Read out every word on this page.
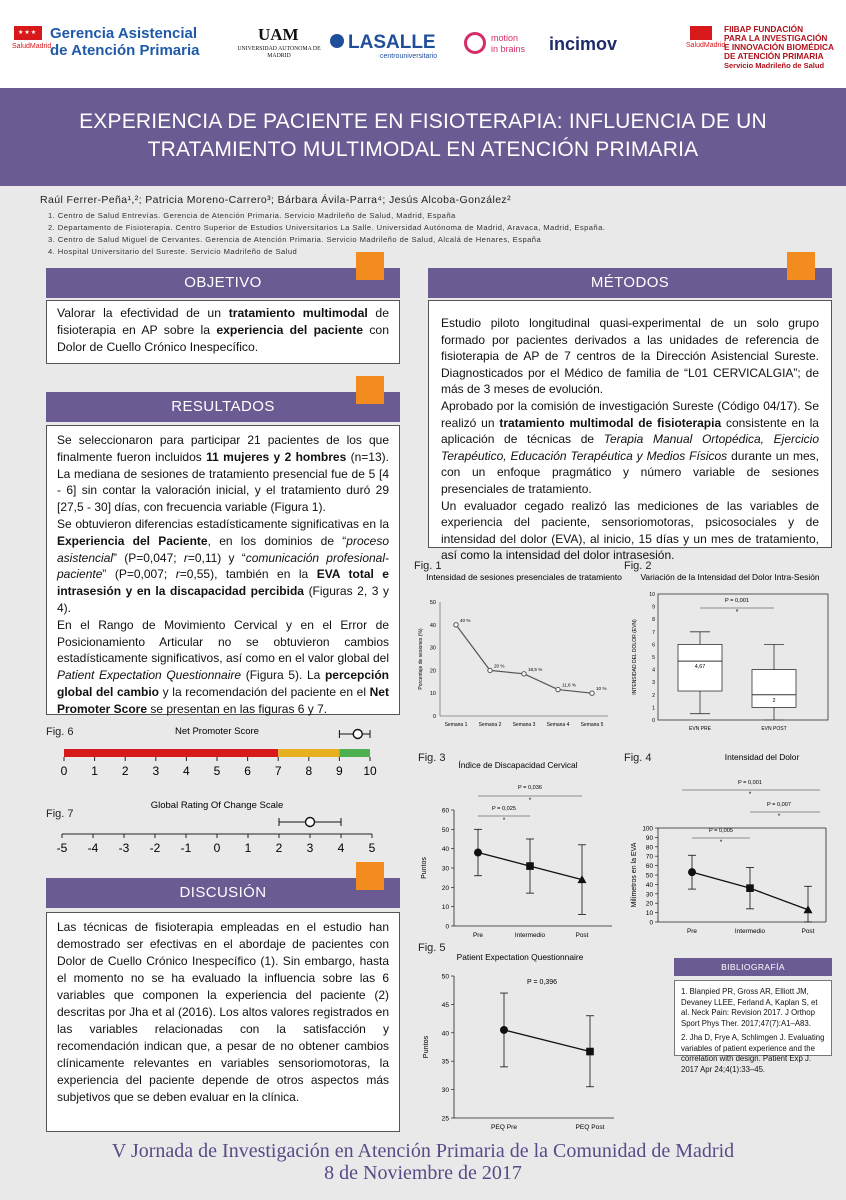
★★★
SaludMadrid
Gerencia Asistencial
de Atención Primaria
UAM
UNIVERSIDAD AUTONOMA DE MADRID
LASALLE
centrouniversitario
motion
in brains incimov	SaludMadrid
FIIBAP FUNDACIÓN
PARA LA INVESTIGACIÓN
E INNOVACIÓN BIOMÉDICA
DE ATENCIÓN PRIMARIA
Servicio Madrileño de Salud
EXPERIENCIA DE PACIENTE EN FISIOTERAPIA: INFLUENCIA DE UN
TRATAMIENTO MULTIMODAL EN ATENCIÓN PRIMARIA
Raúl Ferrer-Peña¹,²; Patricia Moreno-Carrero³; Bárbara Ávila-Parra⁴; Jesús Alcoba-González²
1. Centro de Salud Entrevías. Gerencia de Atención Primaria. Servicio Madrileño de Salud, Madrid, España
2. Departamento de Fisioterapia. Centro Superior de Estudios Universitarios La Salle. Universidad Autónoma de Madrid, Aravaca, Madrid, España.
3. Centro de Salud Miguel de Cervantes. Gerencia de Atención Primaria. Servicio Madrileño de Salud, Alcalá de Henares, España
4. Hospital Universitario del Sureste. Servicio Madrileño de Salud
OBJETIVO
Valorar la efectividad de un tratamiento multimodal de fisioterapia en AP sobre la experiencia del paciente con Dolor de Cuello Crónico Inespecífico.
RESULTADOS

Se seleccionaron para participar 21 pacientes de los que finalmente fueron incluidos 11 mujeres y 2 hombres (n=13). La mediana de sesiones de tratamiento presencial fue de 5 [4 - 6] sin contar la valoración inicial, y el tratamiento duró 29 [27,5 - 30] días, con frecuencia variable (Figura 1).

Se obtuvieron diferencias estadísticamente significativas en la Experiencia del Paciente, en los dominios de “proceso asistencial” (P=0,047; r=0,11) y “comunicación profesional-paciente” (P=0,007; r=0,55), también en la EVA total e intrasesión y en la discapacidad percibida (Figuras 2, 3 y 4).

En el Rango de Movimiento Cervical y en el Error de Posicionamiento Articular no se obtuvieron cambios estadísticamente significativos, así como en el valor global del Patient Expectation Questionnaire (Figura 5). La percepción global del cambio y la recomendación del paciente en el Net Promoter Score se presentan en las figuras 6 y 7.

Fig. 6	Net Promoter Score
0 1 2 3 4 5 6 7 8 9 10
Fig. 7
Global Rating Of Change Scale
-5 -4 -3 -2 -1 0 1 2 3 4 5
DISCUSIÓN
Las técnicas de fisioterapia empleadas en el estudio han demostrado ser efectivas en el abordaje de pacientes con Dolor de Cuello Crónico Inespecífico (1). Sin embargo, hasta el momento no se ha evaluado la influencia sobre las 6 variables que componen la experiencia del paciente (2) descritas por Jha et al (2016). Los altos valores registrados en las variables relacionadas con la satisfacción y recomendación indican que, a pesar de no obtener cambios clínicamente relevantes en variables sensoriomotoras, la experiencia del paciente depende de otros aspectos más subjetivos que se deben evaluar en la clínica.
MÉTODOS

Estudio piloto longitudinal quasi-experimental de un solo grupo formado por pacientes derivados a las unidades de referencia de fisioterapia de AP de 7 centros de la Dirección Asistencial Sureste. Diagnosticados por el Médico de familia de “L01 CERVICALGIA”; de más de 3 meses de evolución.

Aprobado por la comisión de investigación Sureste (Código 04/17). Se realizó un tratamiento multimodal de fisioterapia consistente en la aplicación de técnicas de Terapia Manual Ortopédica, Ejercicio Terapéutico, Educación Terapéutica y Medios Físicos durante un mes, con un enfoque pragmático y número variable de sesiones presenciales de tratamiento.

Un evaluador cegado realizó las mediciones de las variables de experiencia del paciente, sensoriomotoras, psicosociales y de intensidad del dolor (EVA), al inicio, 15 días y un mes de tratamiento, así como la intensidad del dolor intrasesión.

Fig. 1
Intensidad de sesiones presenciales de tratamiento
0
10
20
30
40
50
Porcentaje de sesiones (%)
Semana 1 Semana 2 Semana 3 Semana 4 Semana 5
40 %
20 %
18,5 %
11,6 %
10 %
Fig. 2
Variación de la Intensidad del Dolor Intra-Sesión
0
1
2
3
4
5
6
7
8
9
10
INTENSIDAD DEL DOLOR (EVN)	4,67
EVN PRE
2
EVN POST
P = 0,001
*
Fig. 3
Índice de Discapacidad Cervical
0
10
20
30
40
50
60
Puntos
Pre	Intermedio	Post
P = 0,025
*
P = 0,036
*
Fig. 4	Intensidad del Dolor
0
10
20
30
40
50
60
70
80
90
100
Milímetros en la EVA
Pre	Intermedio	Post
P = 0,005
*
P = 0,007
*
P = 0,001
*
Fig. 5
Patient Expectation Questionnaire
25
30
35
40
45
50
Puntos
PEQ Pre	PEQ Post
P = 0,396
BIBLIOGRAFÍA

1. Blanpied PR, Gross AR, Elliott JM, Devaney LLEE, Ferland A, Kaplan S, et al. Neck Pain: Revision 2017. J Orthop Sport Phys Ther. 2017;47(7):A1–A83.

2. Jha D, Frye A, Schlimgen J. Evaluating variables of patient experience and the correlation with design. Patient Exp J. 2017 Apr 24;4(1):33–45.

V Jornada de Investigación en Atención Primaria de la Comunidad de Madrid
8 de Noviembre de 2017
